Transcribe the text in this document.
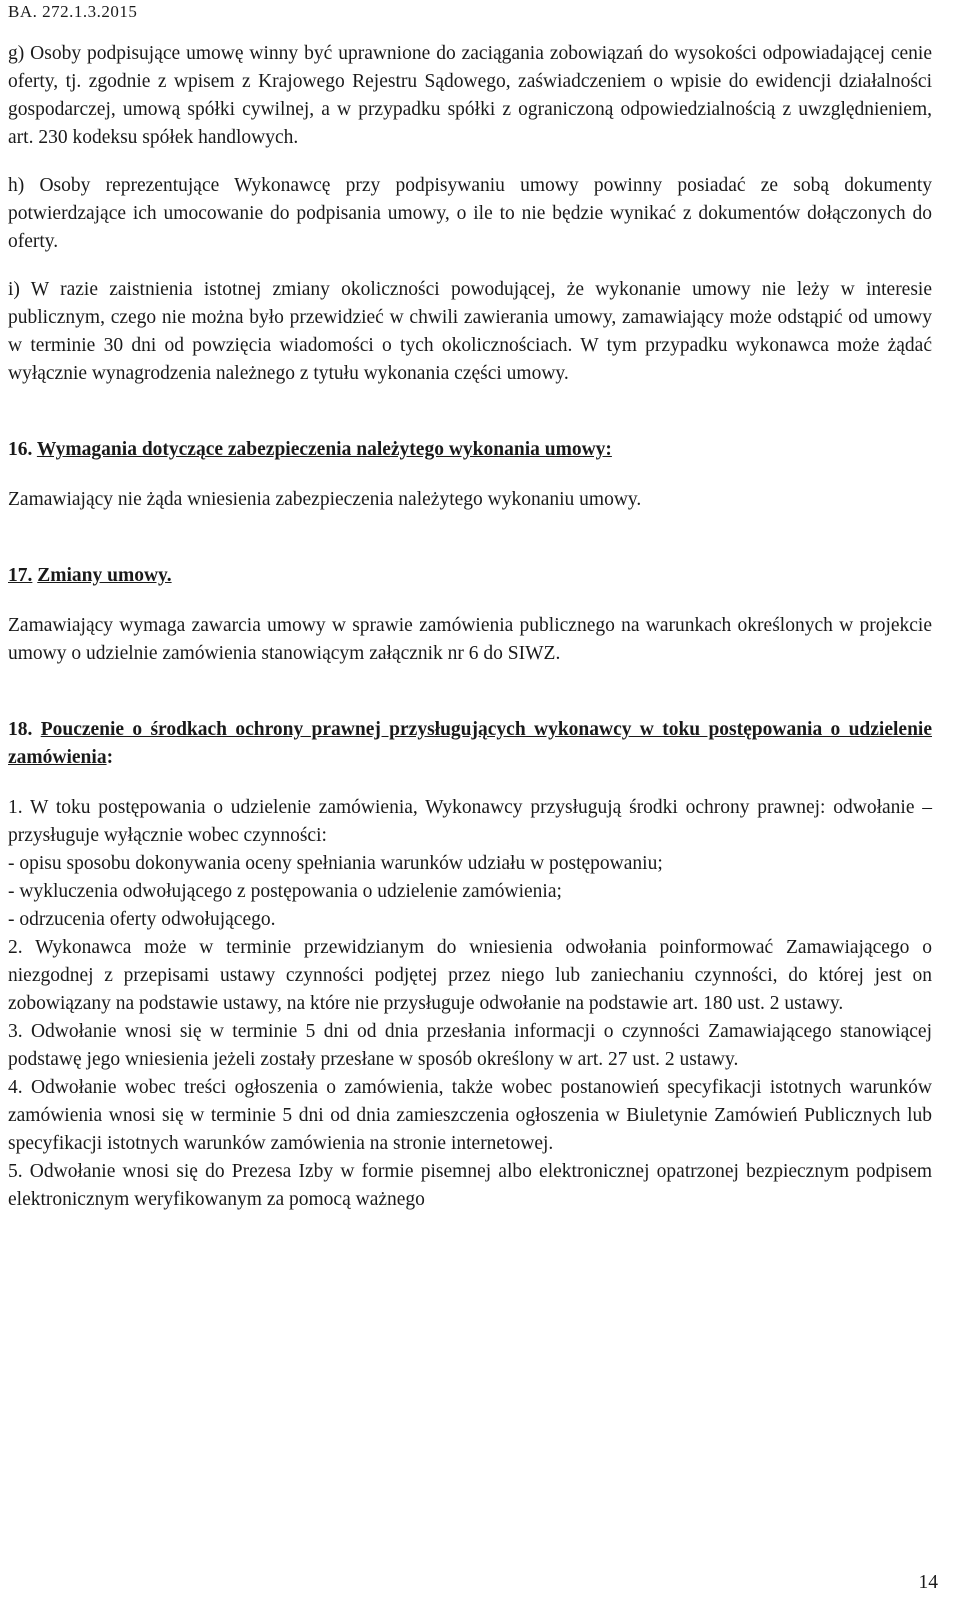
BA. 272.1.3.2015

g) Osoby podpisujące umowę winny być uprawnione do zaciągania zobowiązań do wysokości odpowiadającej cenie oferty, tj. zgodnie z wpisem z Krajowego Rejestru Sądowego, zaświadczeniem o wpisie do ewidencji działalności gospodarczej, umową spółki cywilnej, a w przypadku spółki z ograniczoną odpowiedzialnością z uwzględnieniem, art. 230 kodeksu spółek handlowych.

h) Osoby reprezentujące Wykonawcę przy podpisywaniu umowy powinny posiadać ze sobą dokumenty potwierdzające ich umocowanie do podpisania umowy, o ile to nie będzie wynikać z dokumentów dołączonych do oferty.

i) W razie zaistnienia istotnej zmiany okoliczności powodującej, że wykonanie umowy nie leży w interesie publicznym, czego nie można było przewidzieć w chwili zawierania umowy, zamawiający może odstąpić od umowy w terminie 30 dni od powzięcia wiadomości o tych okolicznościach. W tym przypadku wykonawca może żądać wyłącznie wynagrodzenia należnego z tytułu wykonania części umowy.

16. Wymagania dotyczące zabezpieczenia należytego wykonania umowy:

Zamawiający nie żąda wniesienia zabezpieczenia należytego wykonaniu umowy.

17. Zmiany umowy.

Zamawiający wymaga zawarcia umowy w sprawie zamówienia publicznego na warunkach określonych w projekcie umowy o udzielnie zamówienia stanowiącym załącznik nr 6 do SIWZ.

18. Pouczenie o środkach ochrony prawnej przysługujących wykonawcy w toku postępowania o udzielenie zamówienia:

1. W toku postępowania o udzielenie zamówienia, Wykonawcy przysługują środki ochrony prawnej: odwołanie – przysługuje wyłącznie wobec czynności:

- opisu sposobu dokonywania oceny spełniania warunków udziału w postępowaniu;

- wykluczenia odwołującego z postępowania o udzielenie zamówienia;

- odrzucenia oferty odwołującego.

2. Wykonawca może w terminie przewidzianym do wniesienia odwołania poinformować Zamawiającego o niezgodnej z przepisami ustawy czynności podjętej przez niego lub zaniechaniu czynności, do której jest on zobowiązany na podstawie ustawy, na które nie przysługuje odwołanie na podstawie art. 180 ust. 2 ustawy.

3. Odwołanie wnosi się w terminie 5 dni od dnia przesłania informacji o czynności Zamawiającego stanowiącej podstawę jego wniesienia jeżeli zostały przesłane w sposób określony w art. 27 ust. 2 ustawy.

4. Odwołanie wobec treści ogłoszenia o zamówienia, także wobec postanowień specyfikacji istotnych warunków zamówienia wnosi się w terminie 5 dni od dnia zamieszczenia ogłoszenia w Biuletynie Zamówień Publicznych lub specyfikacji istotnych warunków zamówienia na stronie internetowej.

5. Odwołanie wnosi się do Prezesa Izby w formie pisemnej albo elektronicznej opatrzonej bezpiecznym podpisem elektronicznym weryfikowanym za pomocą ważnego

14
